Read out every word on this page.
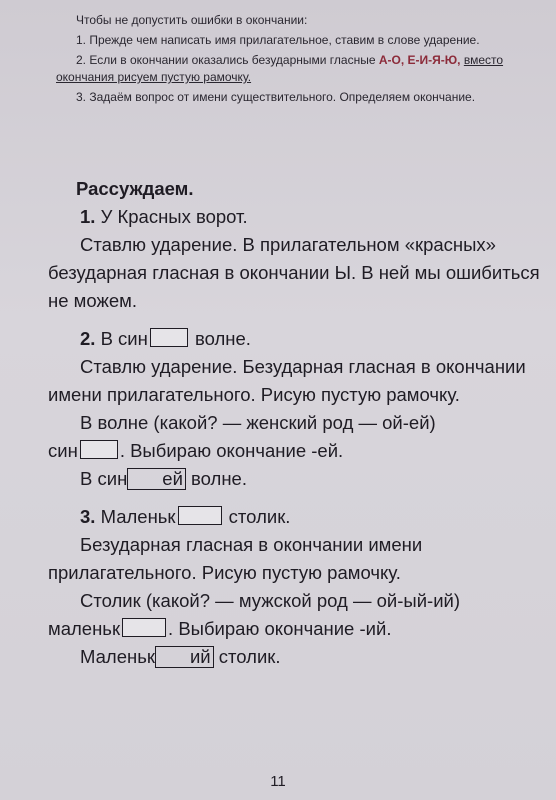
Чтобы не допустить ошибки в окончании:

1. Прежде чем написать имя прилагательное, ставим в слове ударение.

2. Если в окончании оказались безударными гласные А-О, Е-И-Я-Ю, вместо окончания рисуем пустую рамочку.

3. Задаём вопрос от имени существительного. Определяем окончание.

Рассуждаем.

1. У Красных ворот.

Ставлю ударение. В прилагательном «красных» безударная гласная в окончании Ы. В ней мы ошибиться не можем.

2. В син	волне.

Ставлю ударение. Безударная гласная в окончании имени прилагательного. Рисую пустую рамочку.

В волне (какой? — женский род — ой-ей)
син . Выбираю окончание -ей.

В син ей волне.

3. Маленьк	столик.

Безударная гласная в окончании имени прилагательного. Рисую пустую рамочку.

Столик (какой? — мужской род — ой-ый-ий)
маленьк	. Выбираю окончание -ий.

Маленьк ий столик.

11
